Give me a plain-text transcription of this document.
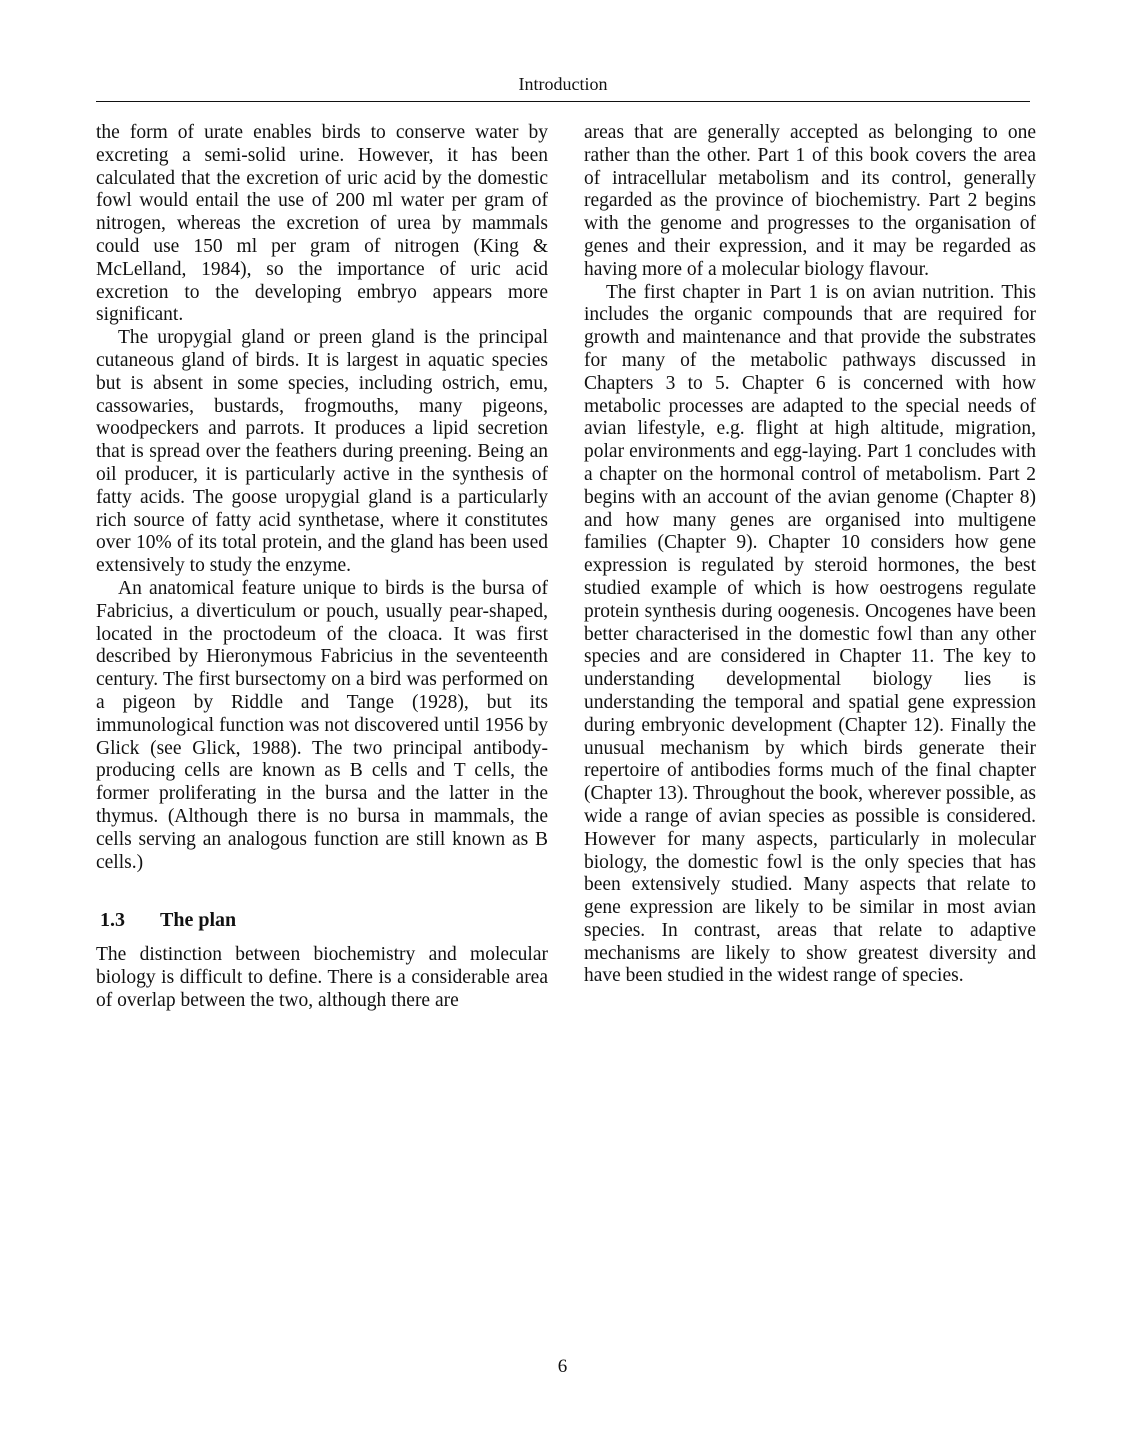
Introduction

the form of urate enables birds to conserve water by excreting a semi-solid urine. However, it has been calculated that the excretion of uric acid by the domestic fowl would entail the use of 200 ml water per gram of nitrogen, whereas the excretion of urea by mammals could use 150 ml per gram of nitrogen (King & McLelland, 1984), so the importance of uric acid excretion to the developing embryo appears more significant.

The uropygial gland or preen gland is the principal cutaneous gland of birds. It is largest in aquatic species but is absent in some species, including ostrich, emu, cassowaries, bustards, frogmouths, many pigeons, woodpeckers and parrots. It produces a lipid secretion that is spread over the feathers during preening. Being an oil producer, it is particularly active in the synthesis of fatty acids. The goose uropygial gland is a particularly rich source of fatty acid synthetase, where it constitutes over 10% of its total protein, and the gland has been used extensively to study the enzyme.

An anatomical feature unique to birds is the bursa of Fabricius, a diverticulum or pouch, usually pear-shaped, located in the proctodeum of the cloaca. It was first described by Hieronymous Fabricius in the seventeenth century. The first bursectomy on a bird was performed on a pigeon by Riddle and Tange (1928), but its immunological function was not discovered until 1956 by Glick (see Glick, 1988). The two principal antibody-producing cells are known as B cells and T cells, the former proliferating in the bursa and the latter in the thymus. (Although there is no bursa in mammals, the cells serving an analogous function are still known as B cells.)

1.3 The plan

The distinction between biochemistry and molecular biology is difficult to define. There is a considerable area of overlap between the two, although there are

areas that are generally accepted as belonging to one rather than the other. Part 1 of this book covers the area of intracellular metabolism and its control, generally regarded as the province of biochemistry. Part 2 begins with the genome and progresses to the organisation of genes and their expression, and it may be regarded as having more of a molecular biology flavour.

The first chapter in Part 1 is on avian nutrition. This includes the organic compounds that are required for growth and maintenance and that provide the substrates for many of the metabolic pathways discussed in Chapters 3 to 5. Chapter 6 is concerned with how metabolic processes are adapted to the special needs of avian lifestyle, e.g. flight at high altitude, migration, polar environments and egg-laying. Part 1 concludes with a chapter on the hormonal control of metabolism. Part 2 begins with an account of the avian genome (Chapter 8) and how many genes are organised into multigene families (Chapter 9). Chapter 10 considers how gene expression is regulated by steroid hormones, the best studied example of which is how oestrogens regulate protein synthesis during oogenesis. Oncogenes have been better characterised in the domestic fowl than any other species and are considered in Chapter 11. The key to understanding developmental biology lies is understanding the temporal and spatial gene expression during embryonic development (Chapter 12). Finally the unusual mechanism by which birds generate their repertoire of antibodies forms much of the final chapter (Chapter 13). Throughout the book, wherever possible, as wide a range of avian species as possible is considered. However for many aspects, particularly in molecular biology, the domestic fowl is the only species that has been extensively studied. Many aspects that relate to gene expression are likely to be similar in most avian species. In contrast, areas that relate to adaptive mechanisms are likely to show greatest diversity and have been studied in the widest range of species.

6
